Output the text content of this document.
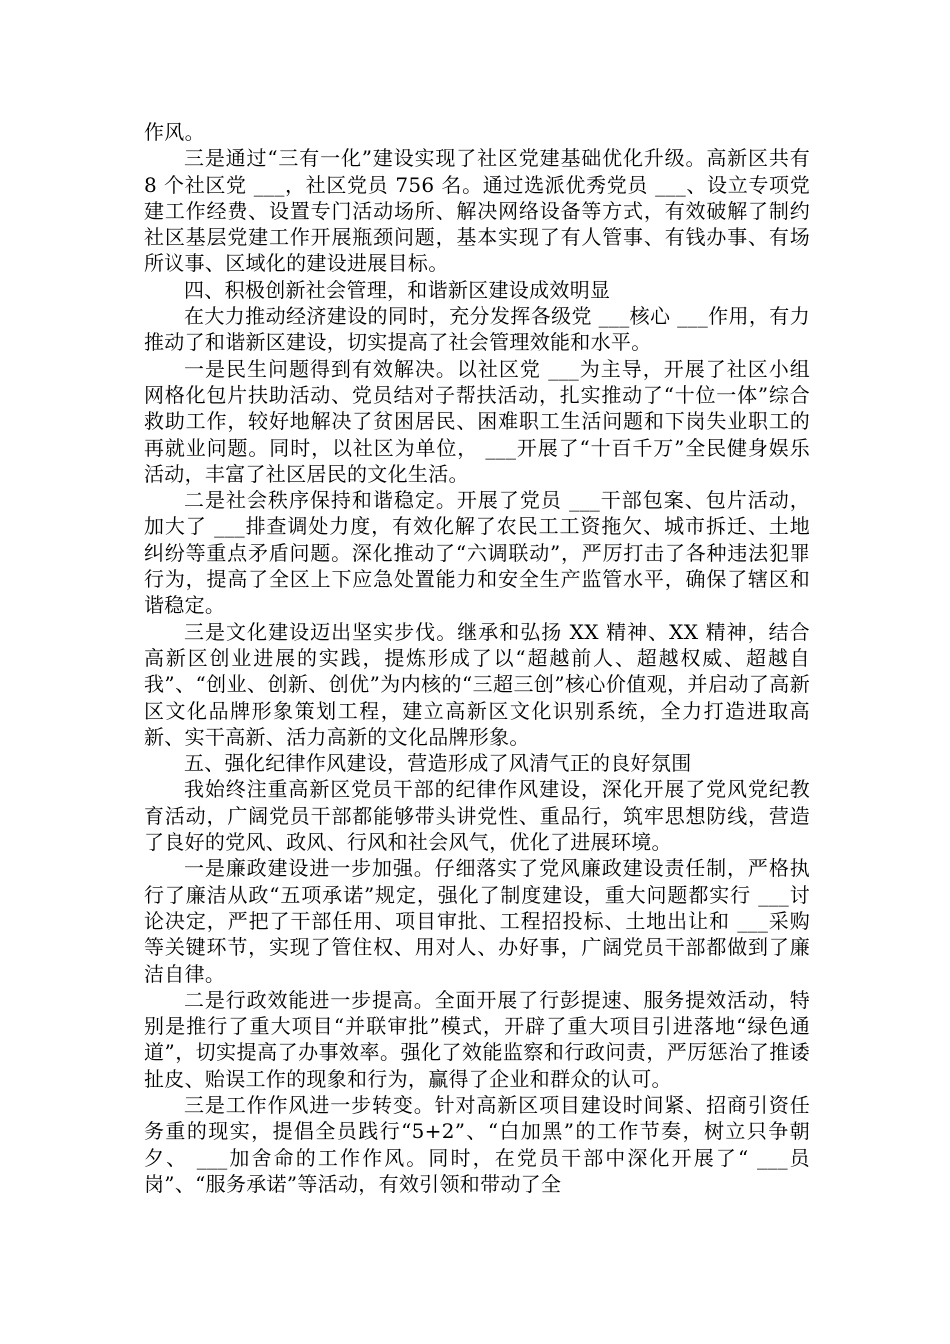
作风。

三是通过“三有一化”建设实现了社区党建基础优化升级。高新区共有 8 个社区党 ___，社区党员 756 名。通过选派优秀党员 ___、设立专项党建工作经费、设置专门活动场所、解决网络设备等方式，有效破解了制约社区基层党建工作开展瓶颈问题，基本实现了有人管事、有钱办事、有场所议事、区域化的建设进展目标。

四、积极创新社会管理，和谐新区建设成效明显

在大力推动经济建设的同时，充分发挥各级党 ___核心 ___作用，有力推动了和谐新区建设，切实提高了社会管理效能和水平。

一是民生问题得到有效解决。以社区党 ___为主导，开展了社区小组网格化包片扶助活动、党员结对子帮扶活动，扎实推动了“十位一体”综合救助工作，较好地解决了贫困居民、困难职工生活问题和下岗失业职工的再就业问题。同时，以社区为单位， ___开展了“十百千万”全民健身娱乐活动，丰富了社区居民的文化生活。

二是社会秩序保持和谐稳定。开展了党员 ___干部包案、包片活动，加大了 ___排查调处力度，有效化解了农民工工资拖欠、城市拆迁、土地纠纷等重点矛盾问题。深化推动了“六调联动”，严厉打击了各种违法犯罪行为，提高了全区上下应急处置能力和安全生产监管水平，确保了辖区和谐稳定。

三是文化建设迈出坚实步伐。继承和弘扬 XX 精神、XX 精神，结合高新区创业进展的实践，提炼形成了以“超越前人、超越权威、超越自我”、“创业、创新、创优”为内核的“三超三创”核心价值观，并启动了高新区文化品牌形象策划工程，建立高新区文化识别系统，全力打造进取高新、实干高新、活力高新的文化品牌形象。

五、强化纪律作风建设，营造形成了风清气正的良好氛围

我始终注重高新区党员干部的纪律作风建设，深化开展了党风党纪教育活动，广阔党员干部都能够带头讲党性、重品行，筑牢思想防线，营造了良好的党风、政风、行风和社会风气，优化了进展环境。

一是廉政建设进一步加强。仔细落实了党风廉政建设责任制，严格执行了廉洁从政“五项承诺”规定，强化了制度建设，重大问题都实行 ___讨论决定，严把了干部任用、项目审批、工程招投标、土地出让和 ___采购等关键环节，实现了管住权、用对人、办好事，广阔党员干部都做到了廉洁自律。

二是行政效能进一步提高。全面开展了行彭提速、服务提效活动，特别是推行了重大项目“并联审批”模式，开辟了重大项目引进落地“绿色通道”，切实提高了办事效率。强化了效能监察和行政问责，严厉惩治了推诿扯皮、贻误工作的现象和行为，赢得了企业和群众的认可。

三是工作作风进一步转变。针对高新区项目建设时间紧、招商引资任务重的现实，提倡全员践行“5+2”、“白加黑”的工作节奏，树立只争朝夕、 ___加舍命的工作作风。同时，在党员干部中深化开展了“ ___员岗”、“服务承诺”等活动，有效引领和带动了全
